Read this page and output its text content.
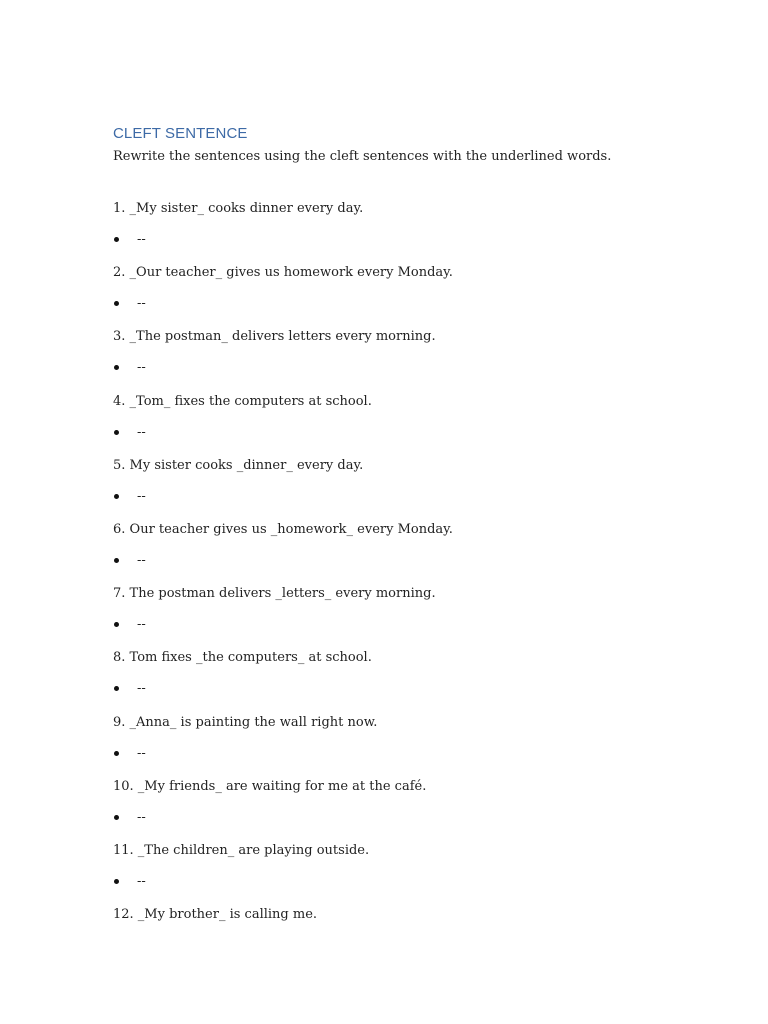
CLEFT SENTENCE

Rewrite the sentences using the cleft sentences with the underlined words.

1. _My sister_ cooks dinner every day.

--

2. _Our teacher_ gives us homework every Monday.

--

3. _The postman_ delivers letters every morning.

--

4. _Tom_ fixes the computers at school.

--

5. My sister cooks _dinner_ every day.

--

6. Our teacher gives us _homework_ every Monday.

--

7. The postman delivers _letters_ every morning.

--

8. Tom fixes _the computers_ at school.

--

9. _Anna_ is painting the wall right now.

--

10. _My friends_ are waiting for me at the café.

--

11. _The children_ are playing outside.

--

12. _My brother_ is calling me.
